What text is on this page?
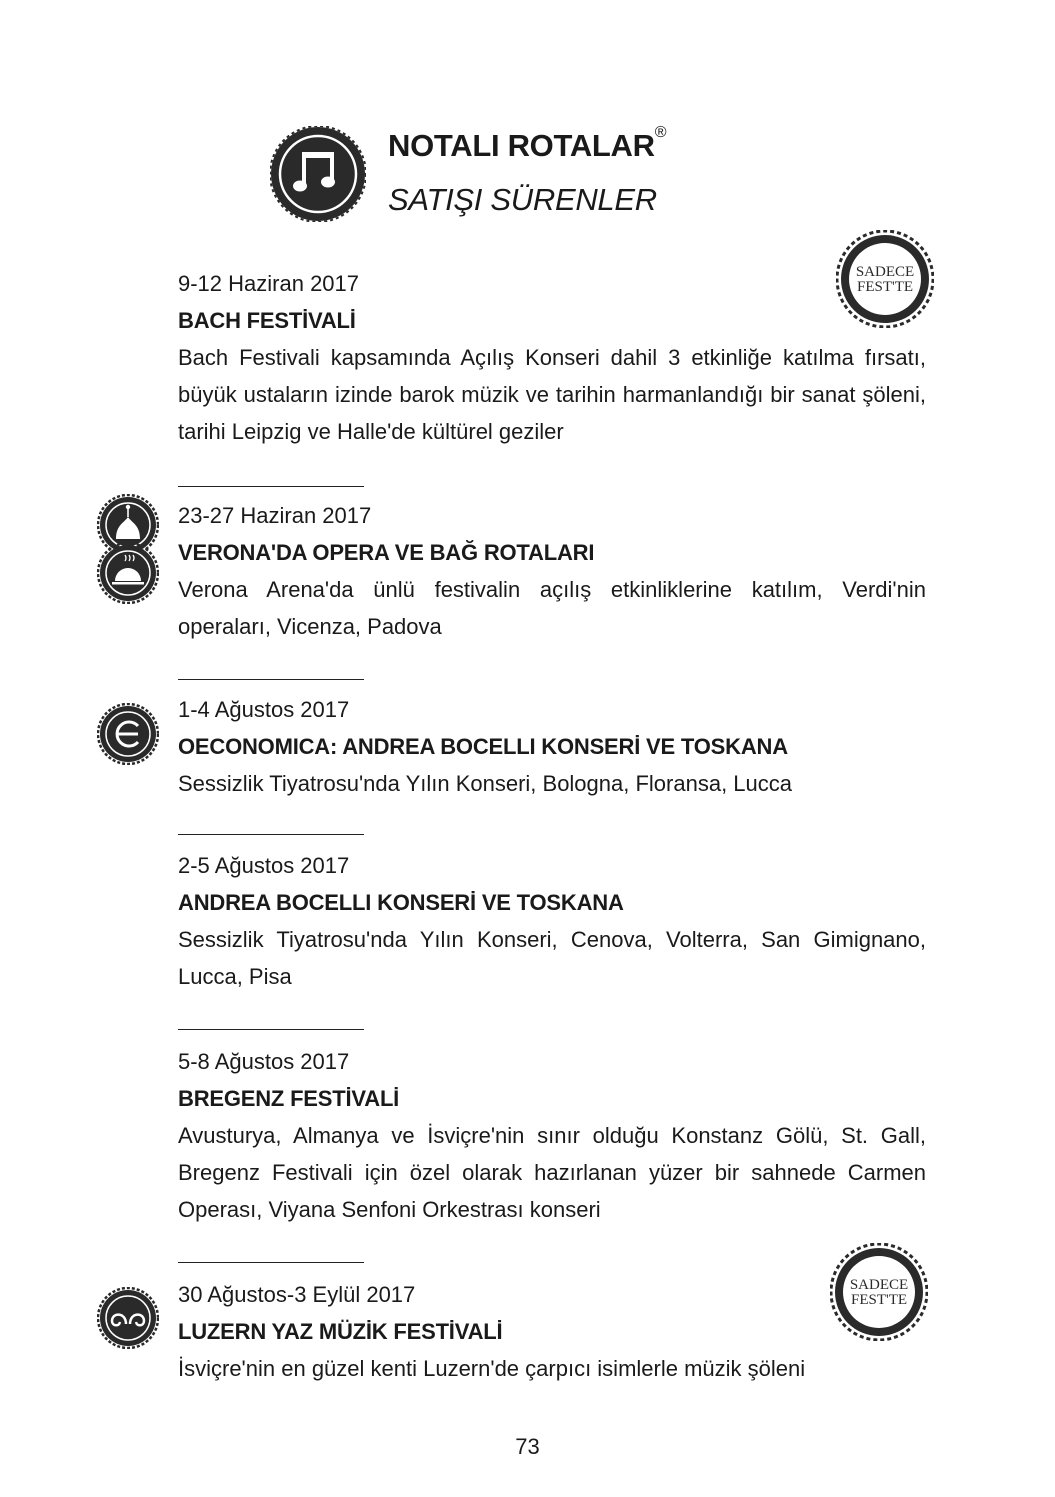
NOTALI ROTALAR®
SATIŞI SÜRENLER
SADECE
FEST'TE
9-12 Haziran 2017
BACH FESTİVALİ
Bach Festivali kapsamında Açılış Konseri dahil 3 etkinliğe katılma fırsatı, büyük ustaların izinde barok müzik ve tarihin harmanlandığı bir sanat şöleni, tarihi Leipzig ve Halle'de kültürel geziler
23-27 Haziran 2017
VERONA'DA OPERA VE BAĞ ROTALARI
Verona Arena'da ünlü festivalin açılış etkinliklerine katılım, Verdi'nin operaları, Vicenza, Padova
1-4 Ağustos 2017
OECONOMICA: ANDREA BOCELLI KONSERİ VE TOSKANA
Sessizlik Tiyatrosu'nda Yılın Konseri, Bologna, Floransa, Lucca
2-5 Ağustos 2017
ANDREA BOCELLI KONSERİ VE TOSKANA
Sessizlik Tiyatrosu'nda Yılın Konseri, Cenova, Volterra, San Gimignano, Lucca, Pisa
5-8 Ağustos 2017
BREGENZ FESTİVALİ
Avusturya, Almanya ve İsviçre'nin sınır olduğu Konstanz Gölü, St. Gall, Bregenz Festivali için özel olarak hazırlanan yüzer bir sahnede Carmen Operası, Viyana Senfoni Orkestrası konseri
SADECE
FEST'TE
30 Ağustos-3 Eylül 2017
LUZERN YAZ MÜZİK FESTİVALİ
İsviçre'nin en güzel kenti Luzern'de çarpıcı isimlerle müzik şöleni
73
